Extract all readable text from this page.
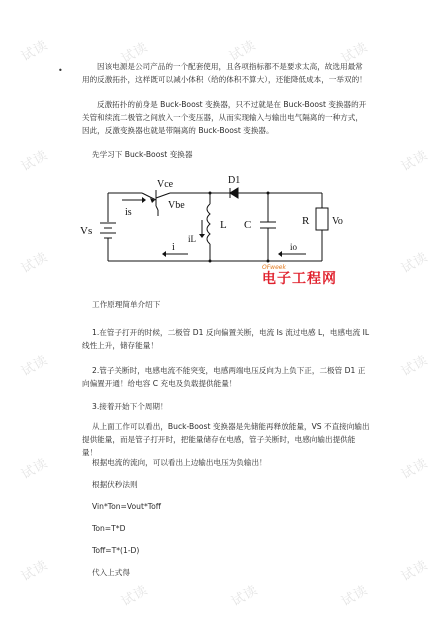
试读	试读	试读	试读
试读	试读
试读	试读
试读	试读
试读	试读
试读
试读	试读	试读
试读
•	因该电源是公司产品的一个配套使用，且各项指标都不是要求太高，故选用最常用的反激拓扑，这样既可以减小体积（给的体积不算大），还能降低成本，一举双的！

反激拓扑的前身是 Buck-Boost 变换器，只不过就是在 Buck-Boost 变换器的开关管和续流二极管之间放入一个变压器，从而实现输入与输出电气隔离的一种方式，因此，反激变换器也就是带隔离的 Buck-Boost 变换器。

先学习下 Buck-Boost 变换器

Vce
Vbe
is
D1
Vs
iL
L C	R Vo
i	io
OFweek
电子工程网

工作原理简单介绍下

1.在管子打开的时候，二极管 D1 反向偏置关断，电流 Is 流过电感 L，电感电流 IL 线性上升，储存能量！

2.管子关断时，电感电流不能突变，电感两端电压反向为上负下正，二极管 D1 正向偏置开通！给电容 C 充电及负载提供能量！

3.接着开始下个周期！

从上面工作可以看出，Buck-Boost 变换器是先储能再释放能量，VS 不直接向输出提供能量，而是管子打开时，把能量储存在电感，管子关断时，电感向输出提供能量！

根据电流的流向，可以看出上边输出电压为负输出！

根据伏秒法则

Vin*Ton=Vout*Toff

Ton=T*D

Toff=T*(1-D)

代入上式得
